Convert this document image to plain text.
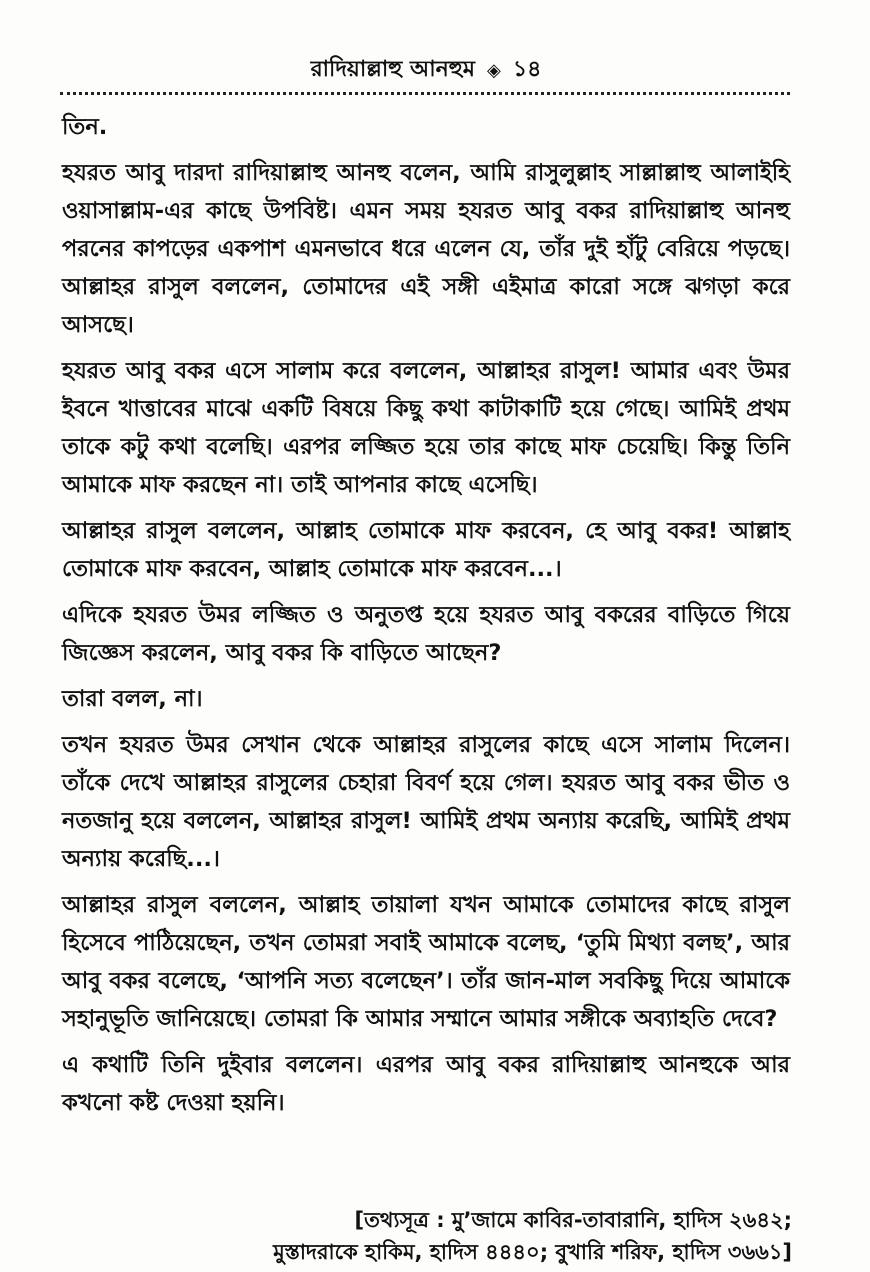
রাদিয়াল্লাহু আনহুম ◈ ১৪

তিন.

হযরত আবু দারদা রাদিয়াল্লাহু আনহু বলেন, আমি রাসুলুল্লাহ সাল্লাল্লাহু আলাইহি ওয়াসাল্লাম-এর কাছে উপবিষ্ট। এমন সময় হযরত আবু বকর রাদিয়াল্লাহু আনহু পরনের কাপড়ের একপাশ এমনভাবে ধরে এলেন যে, তাঁর দুই হাঁটু বেরিয়ে পড়ছে। আল্লাহর রাসুল বললেন, তোমাদের এই সঙ্গী এইমাত্র কারো সঙ্গে ঝগড়া করে আসছে।

হযরত আবু বকর এসে সালাম করে বললেন, আল্লাহর রাসুল! আমার এবং উমর ইবনে খাত্তাবের মাঝে একটি বিষয়ে কিছু কথা কাটাকাটি হয়ে গেছে। আমিই প্রথম তাকে কটু কথা বলেছি। এরপর লজ্জিত হয়ে তার কাছে মাফ চেয়েছি। কিন্তু তিনি আমাকে মাফ করছেন না। তাই আপনার কাছে এসেছি।

আল্লাহর রাসুল বললেন, আল্লাহ তোমাকে মাফ করবেন, হে আবু বকর! আল্লাহ তোমাকে মাফ করবেন, আল্লাহ তোমাকে মাফ করবেন...।

এদিকে হযরত উমর লজ্জিত ও অনুতপ্ত হয়ে হযরত আবু বকরের বাড়িতে গিয়ে জিজ্ঞেস করলেন, আবু বকর কি বাড়িতে আছেন?

তারা বলল, না।

তখন হযরত উমর সেখান থেকে আল্লাহর রাসুলের কাছে এসে সালাম দিলেন। তাঁকে দেখে আল্লাহর রাসুলের চেহারা বিবর্ণ হয়ে গেল। হযরত আবু বকর ভীত ও নতজানু হয়ে বললেন, আল্লাহর রাসুল! আমিই প্রথম অন্যায় করেছি, আমিই প্রথম অন্যায় করেছি...।

আল্লাহর রাসুল বললেন, আল্লাহ তায়ালা যখন আমাকে তোমাদের কাছে রাসুল হিসেবে পাঠিয়েছেন, তখন তোমরা সবাই আমাকে বলেছ, ‘তুমি মিথ্যা বলছ’, আর আবু বকর বলেছে, ‘আপনি সত্য বলেছেন’। তাঁর জান-মাল সবকিছু দিয়ে আমাকে সহানুভূতি জানিয়েছে। তোমরা কি আমার সম্মানে আমার সঙ্গীকে অব্যাহতি দেবে?

এ কথাটি তিনি দুইবার বললেন। এরপর আবু বকর রাদিয়াল্লাহু আনহুকে আর কখনো কষ্ট দেওয়া হয়নি।

[তথ্যসূত্র : মু’জামে কাবির-তাবারানি, হাদিস ২৬৪২;
মুস্তাদরাকে হাকিম, হাদিস ৪৪৪০; বুখারি শরিফ, হাদিস ৩৬৬১]
